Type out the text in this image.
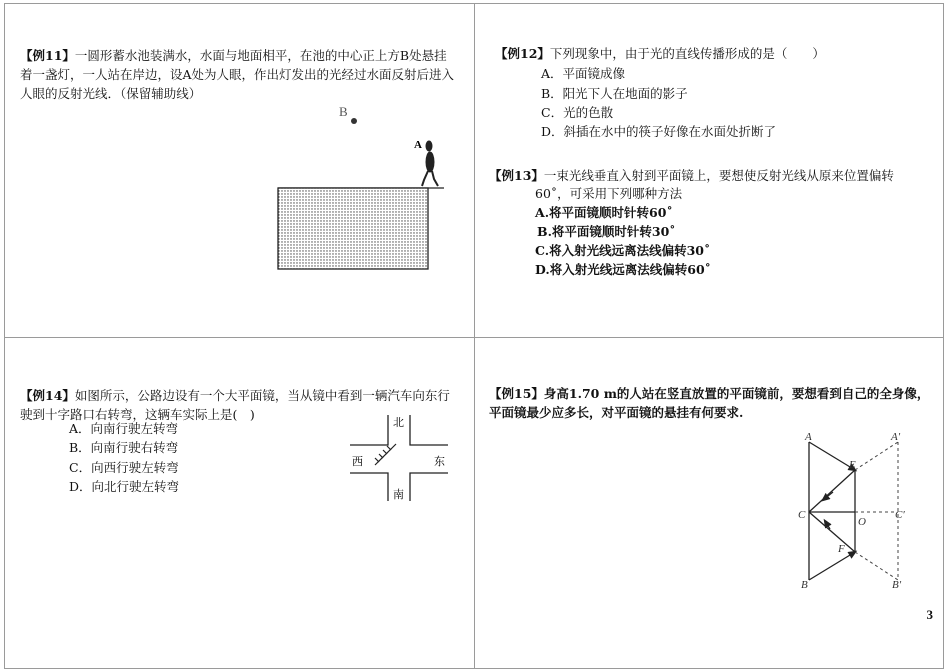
【例11】一圆形蓄水池装满水，水面与地面相平，在池的中心正上方B处悬挂着一盏灯，一人站在岸边，设A处为人眼，作出灯发出的光经过水面反射后进入人眼的反射光线．（保留辅助线）
B
A
【例12】下列现象中，由于光的直线传播形成的是（　　）
A．平面镜成像
B．阳光下人在地面的影子
C．光的色散
D．斜插在水中的筷子好像在水面处折断了
【例13】一束光线垂直入射到平面镜上，要想使反射光线从原来位置偏转
60˚，可采用下列哪种方法
A.将平面镜顺时针转60˚
B.将平面镜顺时针转30˚
C.将入射光线远离法线偏转30˚
D.将入射光线远离法线偏转60˚
【例14】如图所示，公路边设有一个大平面镜，当从镜中看到一辆汽车向东行驶到十字路口右转弯，这辆车实际上是(　)
A．向南行驶左转弯
B．向南行驶右转弯
C．向西行驶左转弯
D．向北行驶左转弯
北
南
西	东
【例15】身高1.70 m的人站在竖直放置的平面镜前，要想看到自己的全身像，平面镜最少应多长，对平面镜的悬挂有何要求.
A	A′
E
C
O
C′
F
B	B′
3
